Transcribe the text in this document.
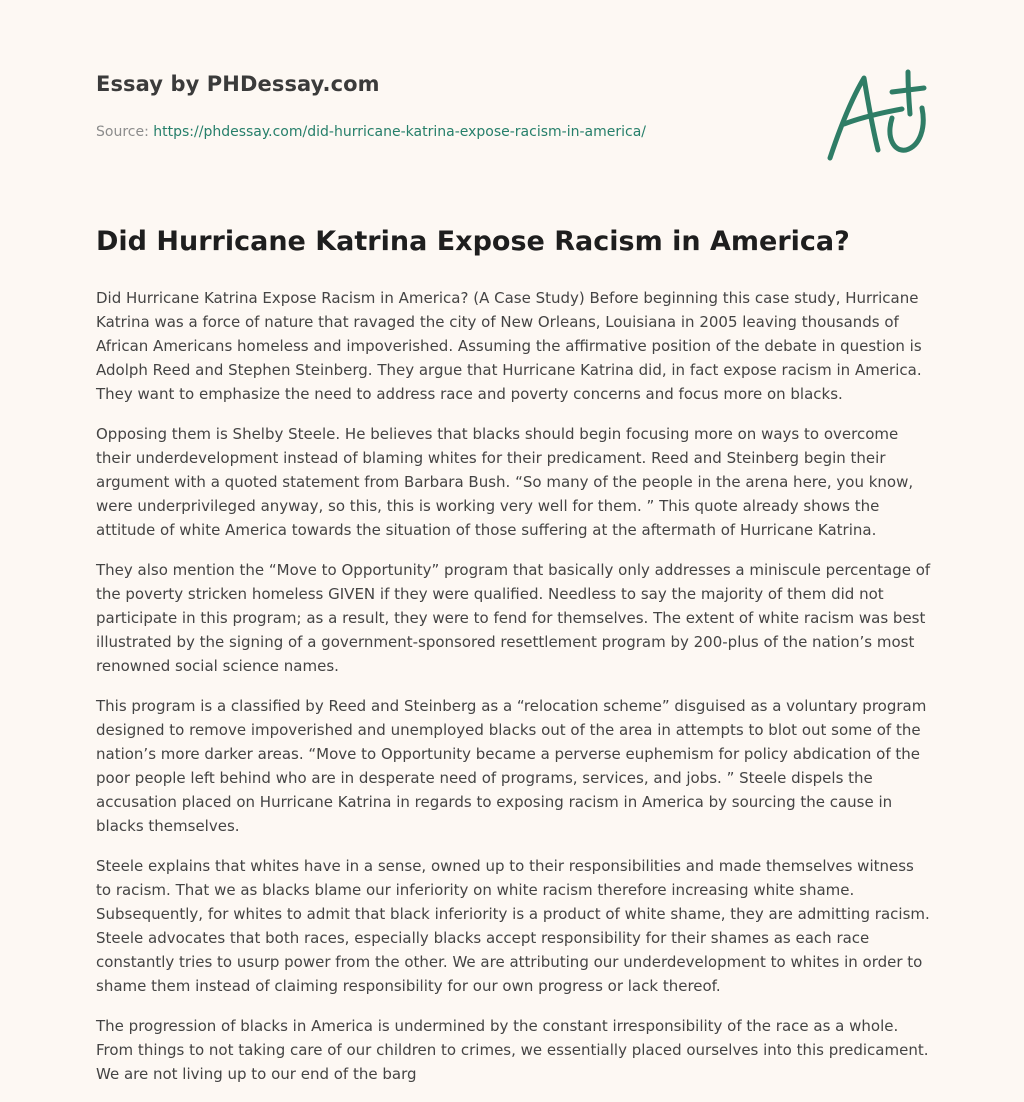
Essay by PHDessay.com
Source: https://phdessay.com/did-hurricane-katrina-expose-racism-in-america/
Did Hurricane Katrina Expose Racism in America?

Did Hurricane Katrina Expose Racism in America? (A Case Study) Before beginning this case study, Hurricane Katrina was a force of nature that ravaged the city of New Orleans, Louisiana in 2005 leaving thousands of African Americans homeless and impoverished. Assuming the affirmative position of the debate in question is Adolph Reed and Stephen Steinberg. They argue that Hurricane Katrina did, in fact expose racism in America. They want to emphasize the need to address race and poverty concerns and focus more on blacks.

Opposing them is Shelby Steele. He believes that blacks should begin focusing more on ways to overcome their underdevelopment instead of blaming whites for their predicament. Reed and Steinberg begin their argument with a quoted statement from Barbara Bush. “So many of the people in the arena here, you know, were underprivileged anyway, so this, this is working very well for them. ” This quote already shows the attitude of white America towards the situation of those suffering at the aftermath of Hurricane Katrina.

They also mention the “Move to Opportunity” program that basically only addresses a miniscule percentage of the poverty stricken homeless GIVEN if they were qualified. Needless to say the majority of them did not participate in this program; as a result, they were to fend for themselves. The extent of white racism was best illustrated by the signing of a government-sponsored resettlement program by 200-plus of the nation’s most renowned social science names.

This program is a classified by Reed and Steinberg as a “relocation scheme” disguised as a voluntary program designed to remove impoverished and unemployed blacks out of the area in attempts to blot out some of the nation’s more darker areas. “Move to Opportunity became a perverse euphemism for policy abdication of the poor people left behind who are in desperate need of programs, services, and jobs. ” Steele dispels the accusation placed on Hurricane Katrina in regards to exposing racism in America by sourcing the cause in blacks themselves.

Steele explains that whites have in a sense, owned up to their responsibilities and made themselves witness to racism. That we as blacks blame our inferiority on white racism therefore increasing white shame. Subsequently, for whites to admit that black inferiority is a product of white shame, they are admitting racism. Steele advocates that both races, especially blacks accept responsibility for their shames as each race constantly tries to usurp power from the other. We are attributing our underdevelopment to whites in order to shame them instead of claiming responsibility for our own progress or lack thereof.

The progression of blacks in America is undermined by the constant irresponsibility of the race as a whole. From things to not taking care of our children to crimes, we essentially placed ourselves into this predicament. We are not living up to our end of the barg
